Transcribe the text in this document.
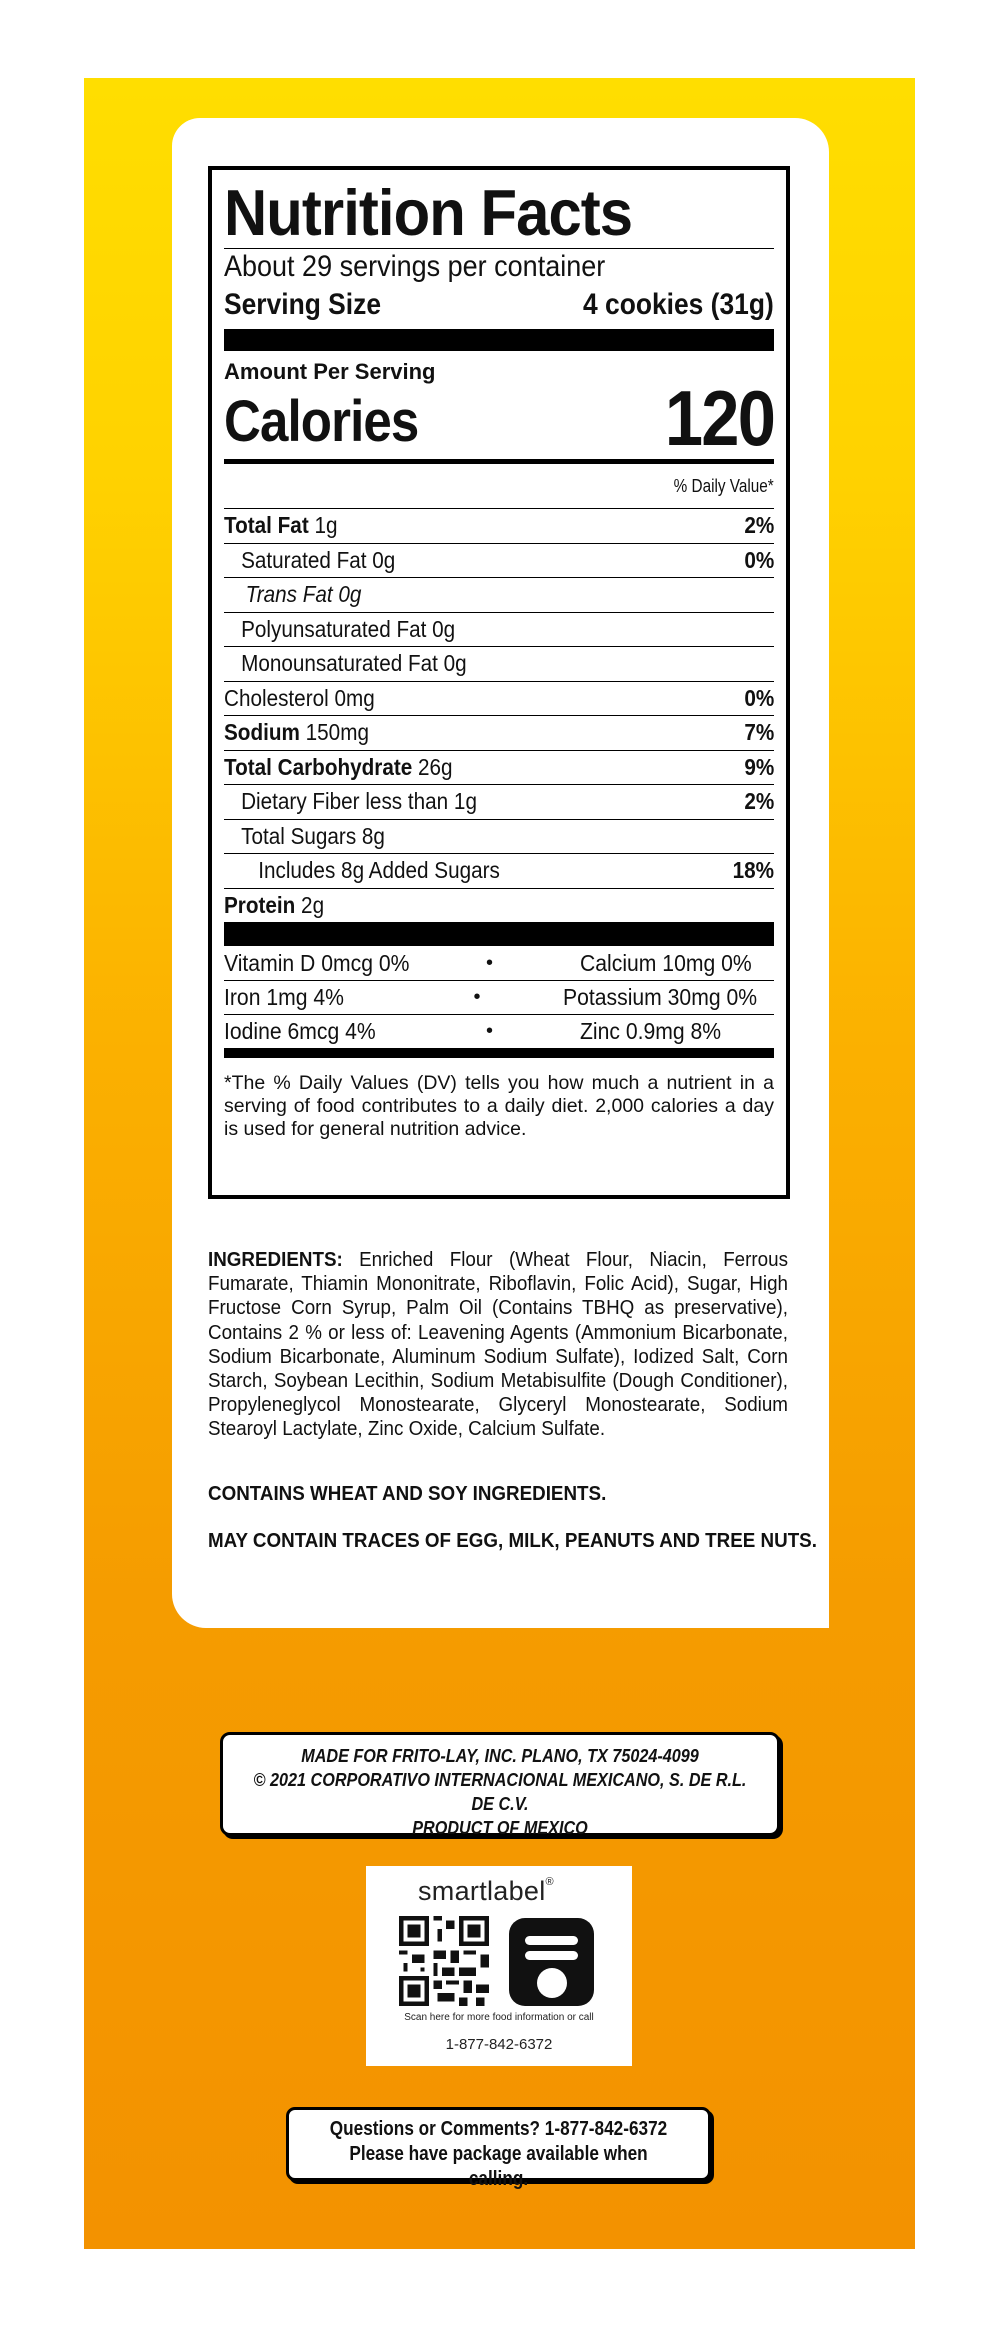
Nutrition Facts
About 29 servings per container
Serving Size	4 cookies (31g)
Amount Per Serving
Calories	120
% Daily Value*
Total Fat 1g	2%
Saturated Fat 0g	0%
Trans Fat 0g
Polyunsaturated Fat 0g
Monounsaturated Fat 0g
Cholesterol 0mg	0%
Sodium 150mg	7%
Total Carbohydrate 26g	9%
Dietary Fiber less than 1g	2%
Total Sugars 8g
Includes 8g Added Sugars	18%
Protein 2g
Vitamin D 0mcg 0%	•	Calcium 10mg 0%
Iron 1mg 4%	•	Potassium 30mg 0%
Iodine 6mcg 4%	•	Zinc 0.9mg 8%
*The % Daily Values (DV) tells you how much a nutrient in a serving of food contributes to a daily diet. 2,000 calories a day is used for general nutrition advice.
INGREDIENTS: Enriched Flour (Wheat Flour, Niacin, Ferrous Fumarate, Thiamin Mononitrate, Riboflavin, Folic Acid), Sugar, High Fructose Corn Syrup, Palm Oil (Contains TBHQ as preservative), Contains 2 % or less of: Leavening Agents (Ammonium Bicarbonate, Sodium Bicarbonate, Aluminum Sodium Sulfate), Iodized Salt, Corn Starch, Soybean Lecithin, Sodium Metabisulfite (Dough Conditioner), Propyleneglycol Monostearate, Glyceryl Monostearate, Sodium Stearoyl Lactylate, Zinc Oxide, Calcium Sulfate.
CONTAINS WHEAT AND SOY INGREDIENTS.
MAY CONTAIN TRACES OF EGG, MILK, PEANUTS AND TREE NUTS.
MADE FOR FRITO-LAY, INC. PLANO, TX 75024-4099
© 2021 CORPORATIVO INTERNACIONAL MEXICANO, S. DE R.L. DE C.V.
PRODUCT OF MEXICO
smartlabel®
Scan here for more food information or call
1-877-842-6372
Questions or Comments? 1-877-842-6372
Please have package available when calling.
